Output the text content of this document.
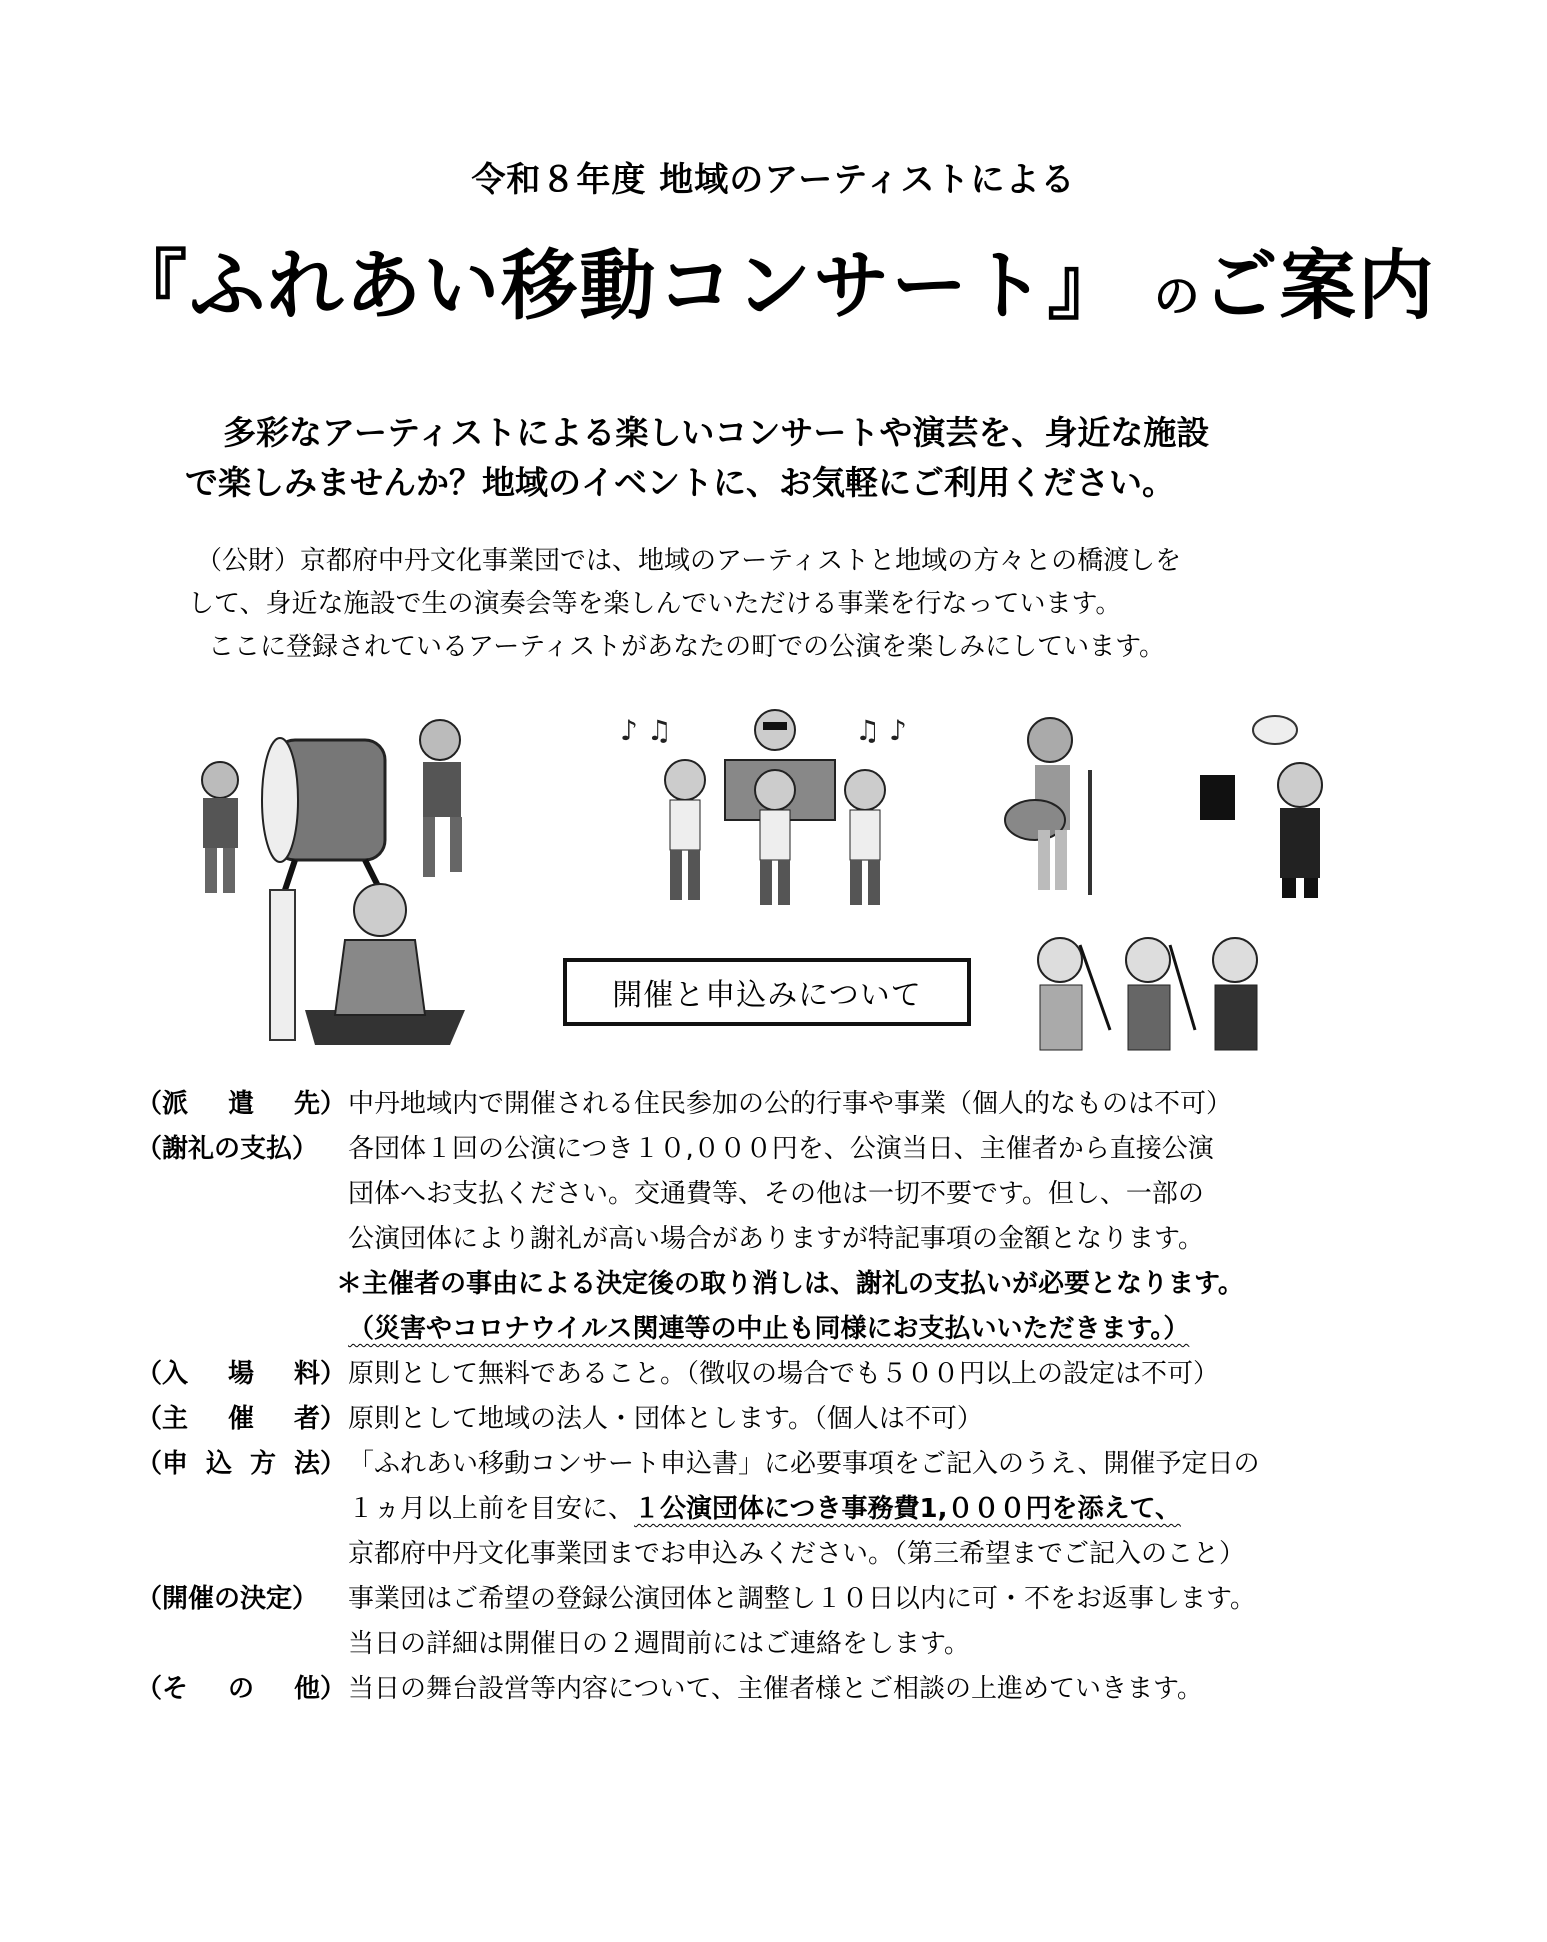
令和８年度 地域のアーティストによる
『ふれあい移動コンサート』 のご案内
多彩なアーティストによる楽しいコンサートや演芸を、身近な施設
で楽しみませんか？地域のイベントに、お気軽にご利用ください。
（公財）京都府中丹文化事業団では、地域のアーティストと地域の方々との橋渡しを
して、身近な施設で生の演奏会等を楽しんでいただける事業を行なっています。
ここに登録されているアーティストがあなたの町での公演を楽しみにしています。
♪ ♫	♫ ♪
開催と申込みについて
（派 遣 先） 中丹地域内で開催される住民参加の公的行事や事業（個人的なものは不可）
（謝礼の支払） 各団体１回の公演につき１０,０００円を、公演当日、主催者から直接公演
団体へお支払ください。交通費等、その他は一切不要です。但し、一部の
公演団体により謝礼が高い場合がありますが特記事項の金額となります。
＊主催者の事由による決定後の取り消しは、謝礼の支払いが必要となります。
（災害やコロナウイルス関連等の中止も同様にお支払いいただきます。）
（入 場 料） 原則として無料であること。（徴収の場合でも５００円以上の設定は不可）
（主 催 者） 原則として地域の法人・団体とします。（個人は不可）
（申 込 方 法） 「ふれあい移動コンサート申込書」に必要事項をご記入のうえ、開催予定日の
１ヵ月以上前を目安に、１公演団体につき事務費1,０００円を添えて、
京都府中丹文化事業団までお申込みください。（第三希望までご記入のこと）
（開催の決定） 事業団はご希望の登録公演団体と調整し１０日以内に可・不をお返事します。
当日の詳細は開催日の２週間前にはご連絡をします。
（そ の 他） 当日の舞台設営等内容について、主催者様とご相談の上進めていきます。
